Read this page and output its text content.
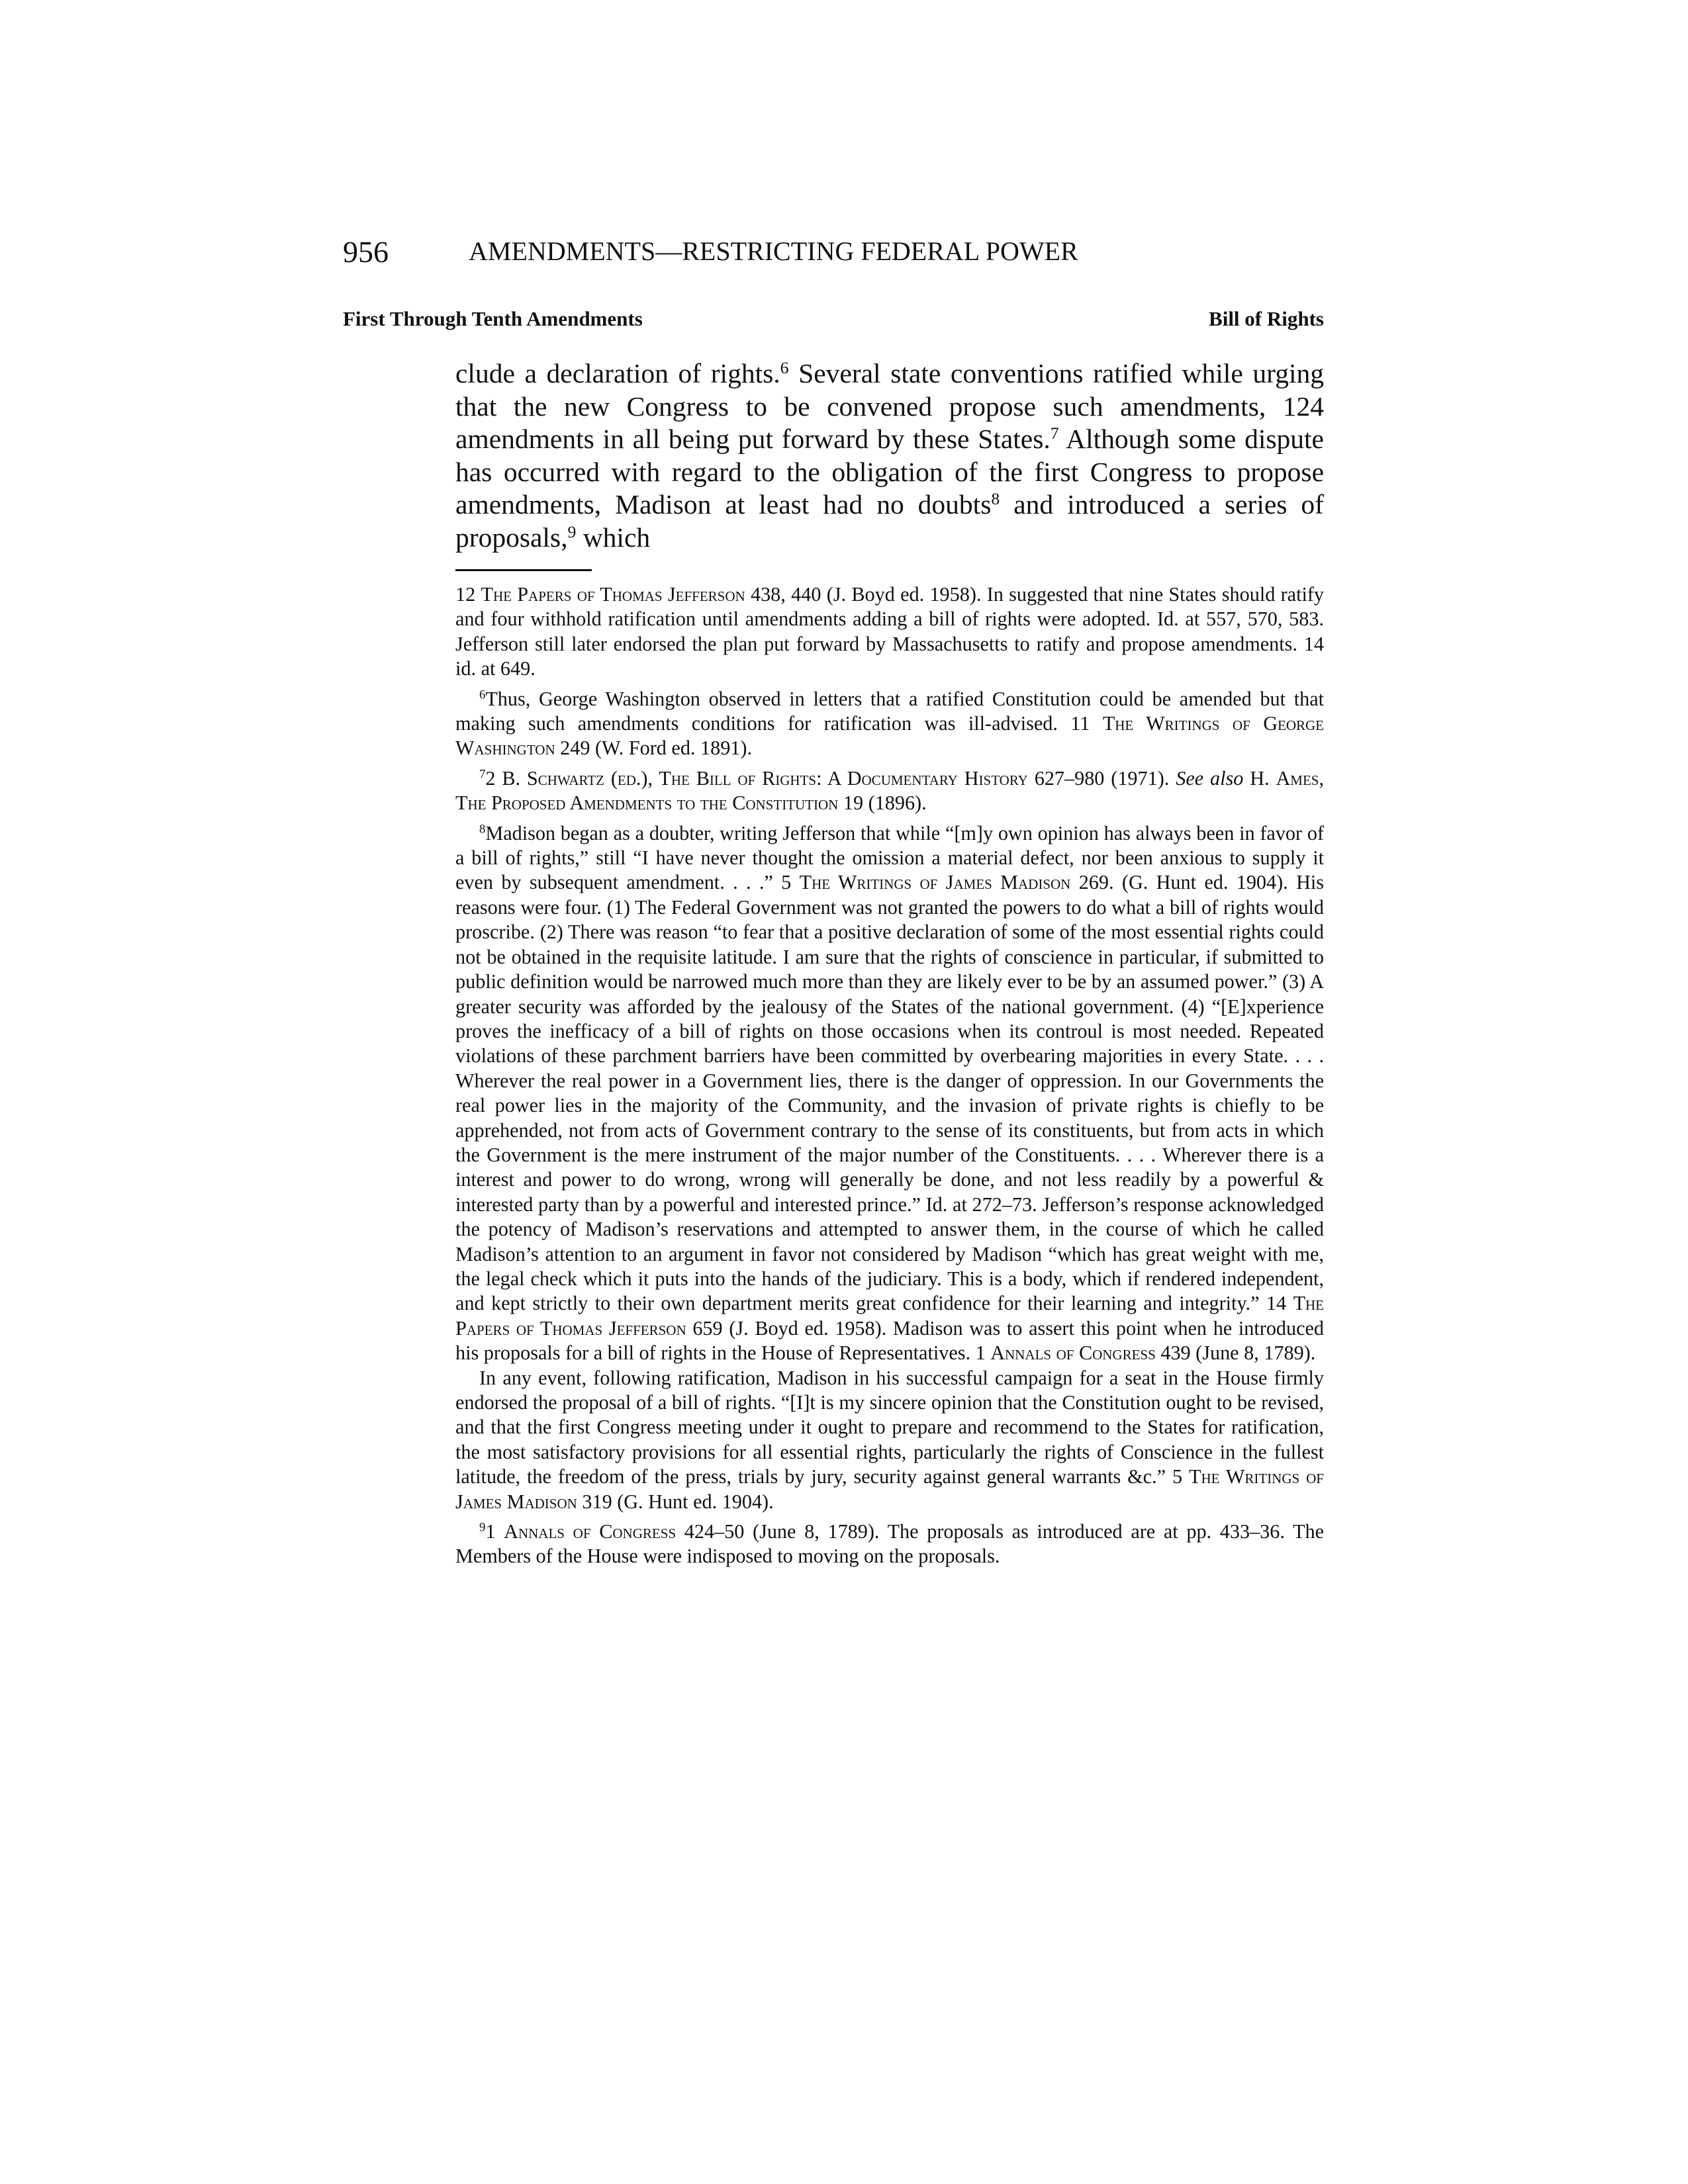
956	AMENDMENTS—RESTRICTING FEDERAL POWER
First Through Tenth Amendments	Bill of Rights

clude a declaration of rights.$^6$ Several state conventions ratified while urging that the new Congress to be convened propose such amendments, 124 amendments in all being put forward by these States.$^7$ Although some dispute has occurred with regard to the obligation of the first Congress to propose amendments, Madison at least had no doubts$^8$ and introduced a series of proposals,$^9$ which

12 The Papers of Thomas Jefferson 438, 440 (J. Boyd ed. 1958). In suggested that nine States should ratify and four withhold ratification until amendments adding a bill of rights were adopted. Id. at 557, 570, 583. Jefferson still later endorsed the plan put forward by Massachusetts to ratify and propose amendments. 14 id. at 649.

$^6$Thus, George Washington observed in letters that a ratified Constitution could be amended but that making such amendments conditions for ratification was ill-advised. 11 The Writings of George Washington 249 (W. Ford ed. 1891).

$^7$2 B. Schwartz (ed.), The Bill of Rights: A Documentary History 627–980 (1971). See also H. Ames, The Proposed Amendments to the Constitution 19 (1896).

$^8$Madison began as a doubter, writing Jefferson that while “[m]y own opinion has always been in favor of a bill of rights,” still “I have never thought the omission a material defect, nor been anxious to supply it even by subsequent amendment. . . .” 5 The Writings of James Madison 269. (G. Hunt ed. 1904). His reasons were four. (1) The Federal Government was not granted the powers to do what a bill of rights would proscribe. (2) There was reason “to fear that a positive declaration of some of the most essential rights could not be obtained in the requisite latitude. I am sure that the rights of conscience in particular, if submitted to public definition would be narrowed much more than they are likely ever to be by an assumed power.” (3) A greater security was afforded by the jealousy of the States of the national government. (4) “[E]xperience proves the inefficacy of a bill of rights on those occasions when its controul is most needed. Repeated violations of these parchment barriers have been committed by overbearing majorities in every State. . . . Wherever the real power in a Government lies, there is the danger of oppression. In our Governments the real power lies in the majority of the Community, and the invasion of private rights is chiefly to be apprehended, not from acts of Government contrary to the sense of its constituents, but from acts in which the Government is the mere instrument of the major number of the Constituents. . . . Wherever there is a interest and power to do wrong, wrong will generally be done, and not less readily by a powerful & interested party than by a powerful and interested prince.” Id. at 272–73. Jefferson’s response acknowledged the potency of Madison’s reservations and attempted to answer them, in the course of which he called Madison’s attention to an argument in favor not considered by Madison “which has great weight with me, the legal check which it puts into the hands of the judiciary. This is a body, which if rendered independent, and kept strictly to their own department merits great confidence for their learning and integrity.” 14 The Papers of Thomas Jefferson 659 (J. Boyd ed. 1958). Madison was to assert this point when he introduced his proposals for a bill of rights in the House of Representatives. 1 Annals of Congress 439 (June 8, 1789).

In any event, following ratification, Madison in his successful campaign for a seat in the House firmly endorsed the proposal of a bill of rights. “[I]t is my sincere opinion that the Constitution ought to be revised, and that the first Congress meeting under it ought to prepare and recommend to the States for ratification, the most satisfactory provisions for all essential rights, particularly the rights of Conscience in the fullest latitude, the freedom of the press, trials by jury, security against general warrants &c.” 5 The Writings of James Madison 319 (G. Hunt ed. 1904).

$^9$1 Annals of Congress 424–50 (June 8, 1789). The proposals as introduced are at pp. 433–36. The Members of the House were indisposed to moving on the proposals.
